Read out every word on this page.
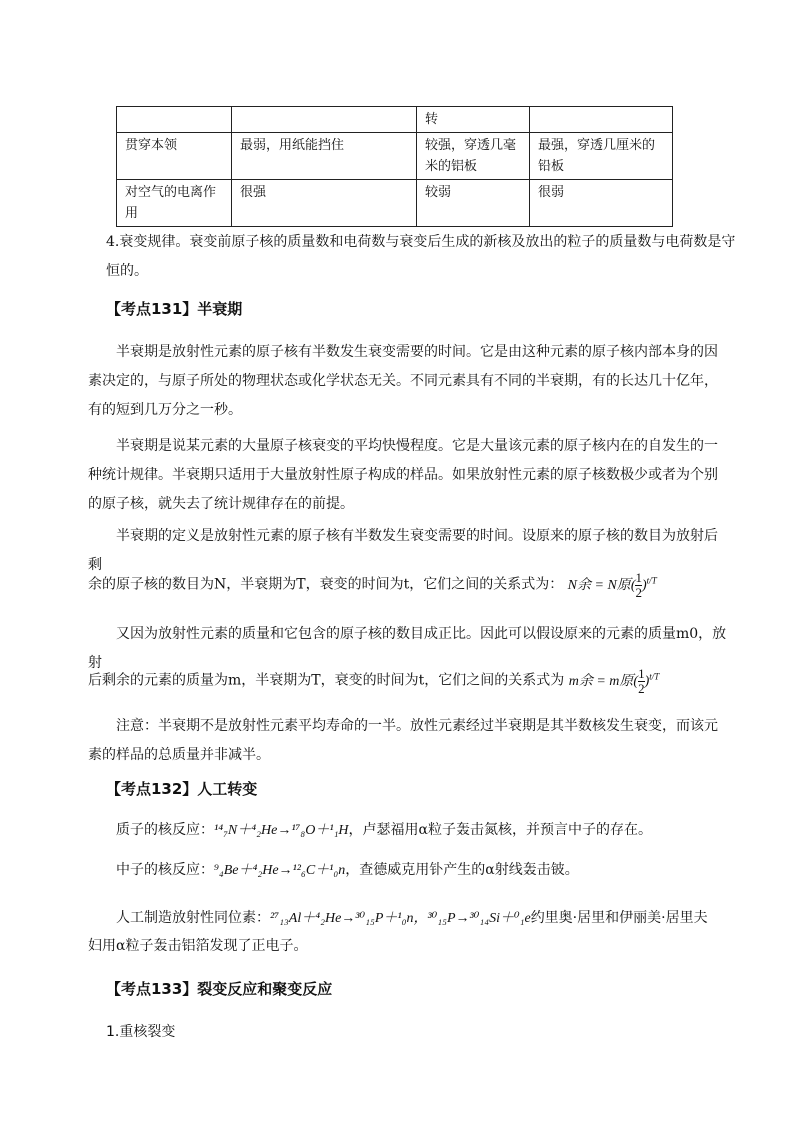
		转	
贯穿本领	最弱，用纸能挡住	较强，穿透几毫米的铝板	最强，穿透几厘米的铅板
对空气的电离作用	很强	较弱	很弱
4.衰变规律。衰变前原子核的质量数和电荷数与衰变后生成的新核及放出的粒子的质量数与电荷数是守恒的。
【考点131】半衰期
半衰期是放射性元素的原子核有半数发生衰变需要的时间。它是由这种元素的原子核内部本身的因素决定的，与原子所处的物理状态或化学状态无关。不同元素具有不同的半衰期，有的长达几十亿年，有的短到几万分之一秒。
半衰期是说某元素的大量原子核衰变的平均快慢程度。它是大量该元素的原子核内在的自发生的一种统计规律。半衰期只适用于大量放射性原子构成的样品。如果放射性元素的原子核数极少或者为个别的原子核，就失去了统计规律存在的前提。
半衰期的定义是放射性元素的原子核有半数发生衰变需要的时间。设原来的原子核的数目为放射后剩
余的原子核的数目为N，半衰期为T，衰变的时间为t，它们之间的关系式为： N余 = N原( $\frac{1}{2} )^{t/T}$
又因为放射性元素的质量和它包含的原子核的数目成正比。因此可以假设原来的元素的质量m0，放射
后剩余的元素的质量为m，半衰期为T，衰变的时间为t，它们之间的关系式为 m余 = m原( $\frac{1}{2} )^{t/T}$
注意：半衰期不是放射性元素平均寿命的一半。放性元素经过半衰期是其半数核发生衰变，而该元素的样品的总质量并非减半。
【考点132】人工转变
质子的核反应：¹⁴₇N＋⁴₂He→¹⁷₈O＋¹₁H，卢瑟福用α粒子轰击氮核，并预言中子的存在。
中子的核反应：⁹₄Be＋⁴₂He→¹²₆C＋¹₀n，查德威克用钋产生的α射线轰击铍。
人工制造放射性同位素：²⁷₁₃Al＋⁴₂He→³⁰₁₅P＋¹₀n，³⁰₁₅P→³⁰₁₄Si＋⁰₁e约里奥·居里和伊丽美·居里夫
妇用α粒子轰击铝箔发现了正电子。
【考点133】裂变反应和聚变反应
1.重核裂变
